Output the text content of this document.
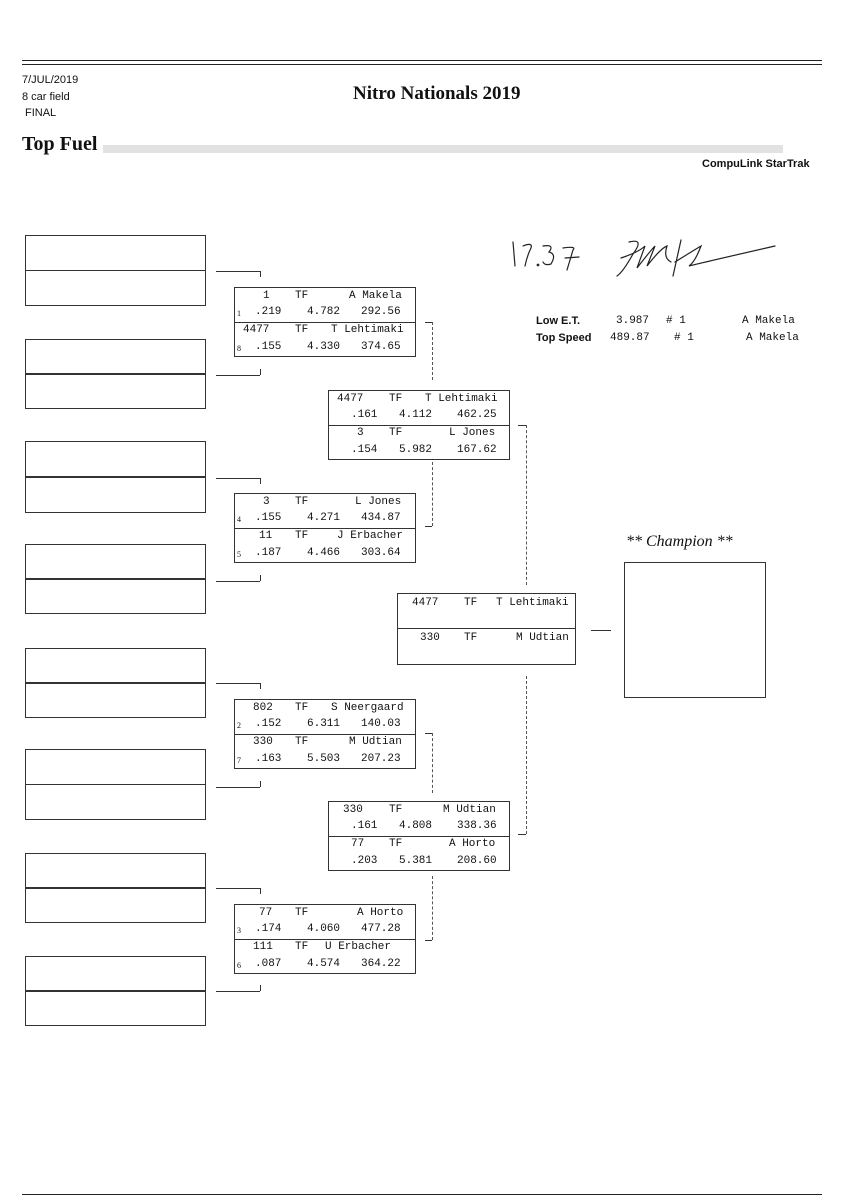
7/JUL/2019
8 car field
FINAL
Nitro Nationals 2019
Top Fuel
CompuLink StarTrak
Low E.T.	3.987 # 1	A Makela
Top Speed 489.87 # 1	A Makela
1 TF	A Makela
1 .219 4.782 292.56
4477 TF T Lehtimaki
8 .155 4.330 374.65
3 TF	L Jones
4 .155 4.271 434.87
11 TF	J Erbacher
5 .187 4.466 303.64
802 TF S Neergaard
2 .152 6.311 140.03
330 TF	M Udtian
7 .163 5.503 207.23
77 TF	A Horto
3 .174 4.060 477.28
111 TF U Erbacher
6 .087 4.574 364.22
4477 TF T Lehtimaki
.161 4.112 462.25
3 TF	L Jones
.154 5.982 167.62
330 TF	M Udtian
.161 4.808 338.36
77 TF	A Horto
.203 5.381 208.60
4477 TF T Lehtimaki
330 TF	M Udtian
** Champion **
